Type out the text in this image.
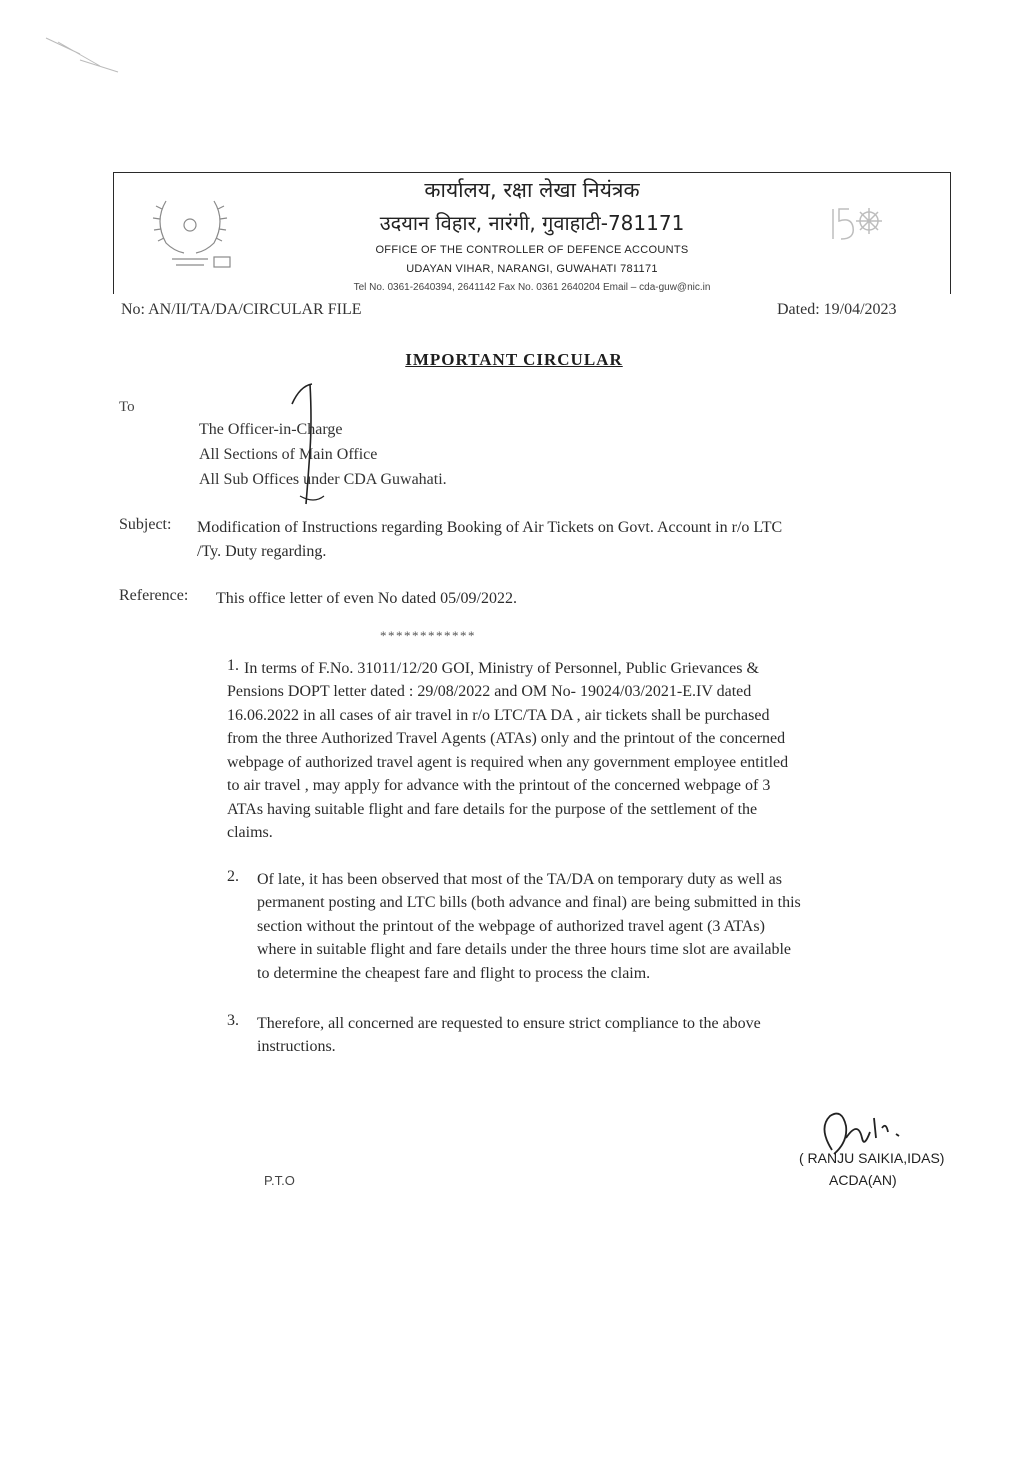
कार्यालय, रक्षा लेखा नियंत्रक
उदयान विहार, नारंगी, गुवाहाटी-781171
OFFICE OF THE CONTROLLER OF DEFENCE ACCOUNTS
UDAYAN VIHAR, NARANGI, GUWAHATI 781171
Tel No. 0361-2640394, 2641142 Fax No. 0361 2640204 Email – cda-guw@nic.in
No: AN/II/TA/DA/CIRCULAR FILE	Dated: 19/04/2023
IMPORTANT CIRCULAR
To
The Officer-in-Charge
All Sections of Main Office
All Sub Offices under CDA Guwahati.
Subject: Modification of Instructions regarding Booking of Air Tickets on Govt. Account in r/o LTC
/Ty. Duty regarding.
Reference: This office letter of even No dated 05/09/2022.
************
1. In terms of F.No. 31011/12/20 GOI, Ministry of Personnel, Public Grievances &
Pensions DOPT letter dated : 29/08/2022 and OM No- 19024/03/2021-E.IV dated
16.06.2022 in all cases of air travel in r/o LTC/TA DA , air tickets shall be purchased
from the three Authorized Travel Agents (ATAs) only and the printout of the concerned
webpage of authorized travel agent is required when any government employee entitled
to air travel , may apply for advance with the printout of the concerned webpage of 3
ATAs having suitable flight and fare details for the purpose of the settlement of the
claims.
2. Of late, it has been observed that most of the TA/DA on temporary duty as well as
permanent posting and LTC bills (both advance and final) are being submitted in this
section without the printout of the webpage of authorized travel agent (3 ATAs)
where in suitable flight and fare details under the three hours time slot are available
to determine the cheapest fare and flight to process the claim.
3. Therefore, all concerned are requested to ensure strict compliance to the above
instructions.
( RANJU SAIKIA,IDAS)
ACDA(AN)
P.T.O
